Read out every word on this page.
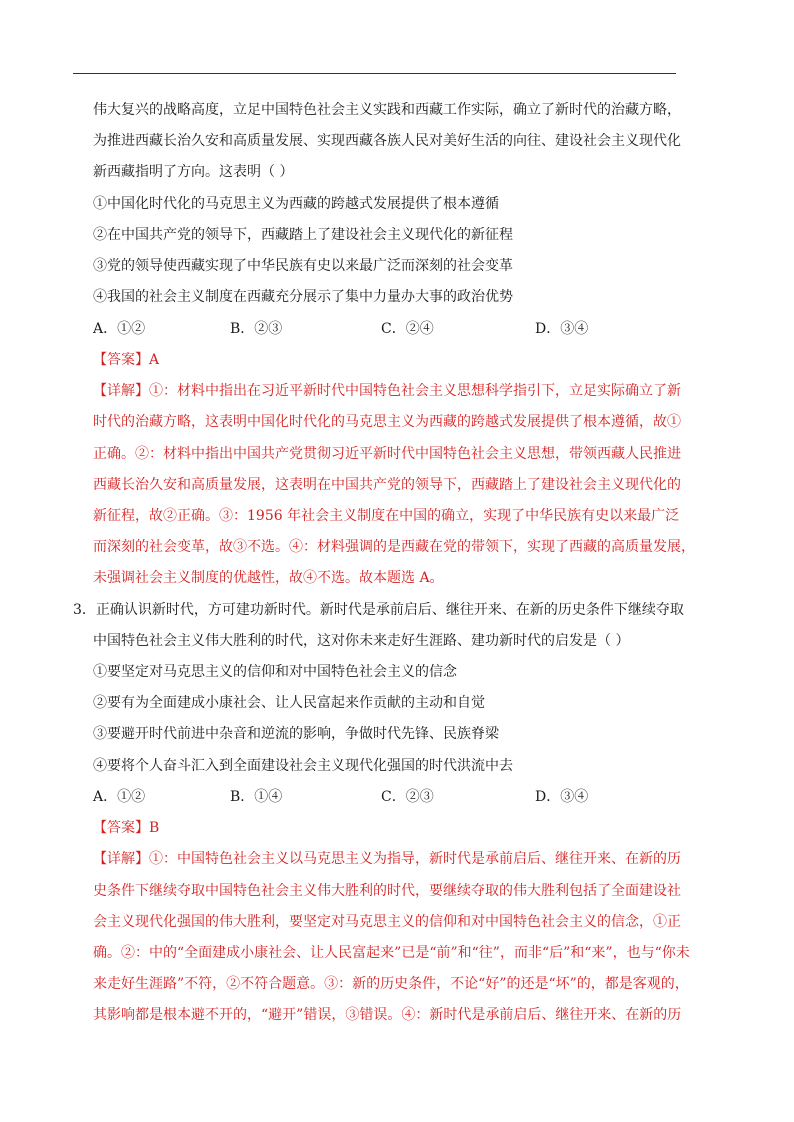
伟大复兴的战略高度，立足中国特色社会主义实践和西藏工作实际，确立了新时代的治藏方略，
为推进西藏长治久安和高质量发展、实现西藏各族人民对美好生活的向往、建设社会主义现代化
新西藏指明了方向。这表明（ ）
①中国化时代化的马克思主义为西藏的跨越式发展提供了根本遵循
②在中国共产党的领导下，西藏踏上了建设社会主义现代化的新征程
③党的领导使西藏实现了中华民族有史以来最广泛而深刻的社会变革
④我国的社会主义制度在西藏充分展示了集中力量办大事的政治优势
A．①②	B．②③	C．②④	D．③④
【答案】A
【详解】①：材料中指出在习近平新时代中国特色社会主义思想科学指引下，立足实际确立了新
时代的治藏方略，这表明中国化时代化的马克思主义为西藏的跨越式发展提供了根本遵循，故①
正确。②：材料中指出中国共产党贯彻习近平新时代中国特色社会主义思想，带领西藏人民推进
西藏长治久安和高质量发展，这表明在中国共产党的领导下，西藏踏上了建设社会主义现代化的
新征程，故②正确。③：1956 年社会主义制度在中国的确立，实现了中华民族有史以来最广泛
而深刻的社会变革，故③不选。④：材料强调的是西藏在党的带领下，实现了西藏的高质量发展，
未强调社会主义制度的优越性，故④不选。故本题选 A。
3．正确认识新时代，方可建功新时代。新时代是承前启后、继往开来、在新的历史条件下继续夺取
中国特色社会主义伟大胜利的时代，这对你未来走好生涯路、建功新时代的启发是（ ）
①要坚定对马克思主义的信仰和对中国特色社会主义的信念
②要有为全面建成小康社会、让人民富起来作贡献的主动和自觉
③要避开时代前进中杂音和逆流的影响，争做时代先锋、民族脊梁
④要将个人奋斗汇入到全面建设社会主义现代化强国的时代洪流中去
A．①②	B．①④	C．②③	D．③④
【答案】B
【详解】①：中国特色社会主义以马克思主义为指导，新时代是承前启后、继往开来、在新的历
史条件下继续夺取中国特色社会主义伟大胜利的时代，要继续夺取的伟大胜利包括了全面建设社
会主义现代化强国的伟大胜利，要坚定对马克思主义的信仰和对中国特色社会主义的信念，①正
确。②：中的“全面建成小康社会、让人民富起来”已是“前”和“往”，而非“后”和“来”，也与“你未
来走好生涯路”不符，②不符合题意。③：新的历史条件，不论“好”的还是“坏”的，都是客观的，
其影响都是根本避不开的，“避开”错误，③错误。④：新时代是承前启后、继往开来、在新的历
